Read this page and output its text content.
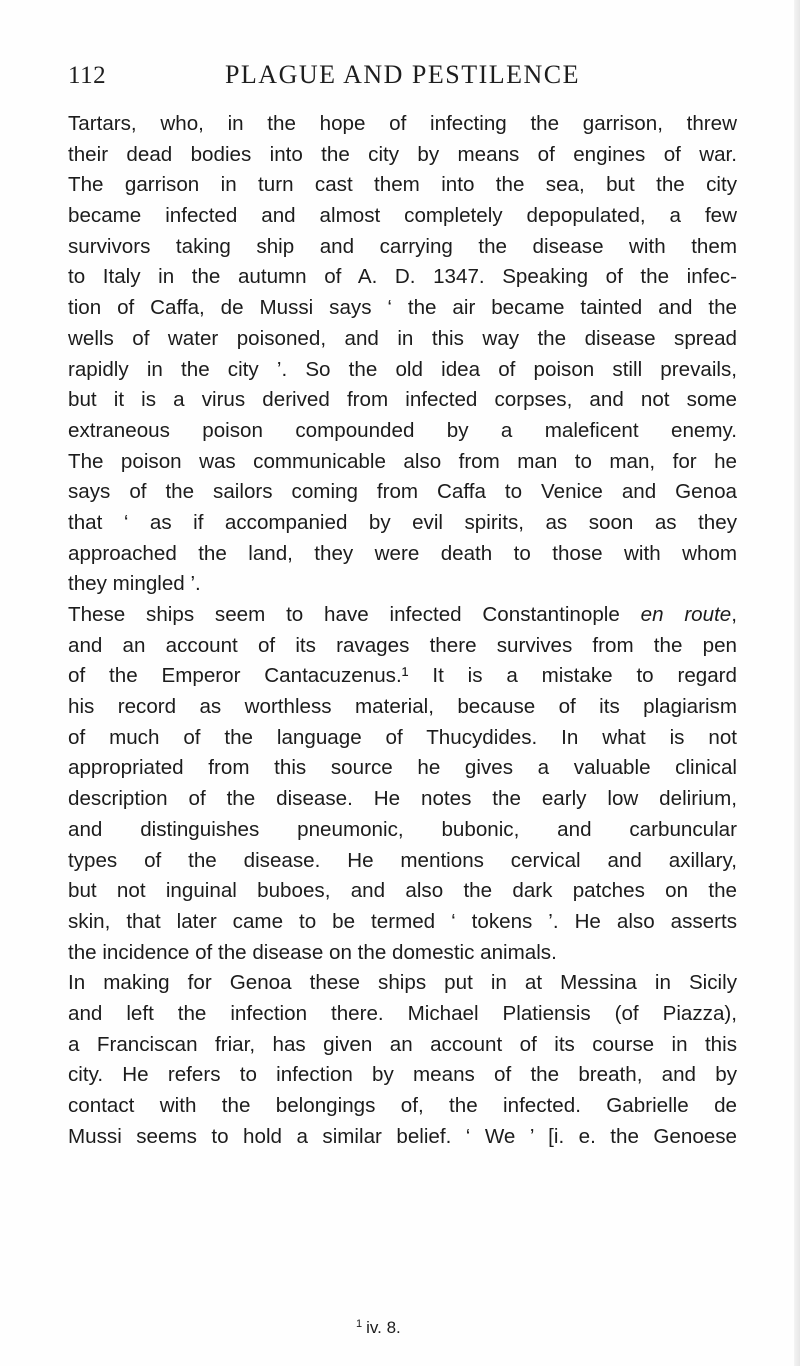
112	PLAGUE AND PESTILENCE
Tartars, who, in the hope of infecting the garrison, threw
their dead bodies into the city by means of engines of war.
The garrison in turn cast them into the sea, but the city
became infected and almost completely depopulated, a few
survivors taking ship and carrying the disease with them
to Italy in the autumn of A. D. 1347. Speaking of the infec-
tion of Caffa, de Mussi says ‘ the air became tainted and the
wells of water poisoned, and in this way the disease spread
rapidly in the city ’. So the old idea of poison still prevails,
but it is a virus derived from infected corpses, and not some
extraneous poison compounded by a maleficent enemy.
The poison was communicable also from man to man, for he
says of the sailors coming from Caffa to Venice and Genoa
that ‘ as if accompanied by evil spirits, as soon as they
approached the land, they were death to those with whom
they mingled ’.
These ships seem to have infected Constantinople en route,
and an account of its ravages there survives from the pen
of the Emperor Cantacuzenus.¹ It is a mistake to regard
his record as worthless material, because of its plagiarism
of much of the language of Thucydides. In what is not
appropriated from this source he gives a valuable clinical
description of the disease. He notes the early low delirium,
and distinguishes pneumonic, bubonic, and carbuncular
types of the disease. He mentions cervical and axillary,
but not inguinal buboes, and also the dark patches on the
skin, that later came to be termed ‘ tokens ’. He also asserts
the incidence of the disease on the domestic animals.
In making for Genoa these ships put in at Messina in Sicily
and left the infection there. Michael Platiensis (of Piazza),
a Franciscan friar, has given an account of its course in this
city. He refers to infection by means of the breath, and by
contact with the belongings of, the infected. Gabrielle de
Mussi seems to hold a similar belief. ‘ We ’ [i. e. the Genoese
$^1$ iv. 8.
